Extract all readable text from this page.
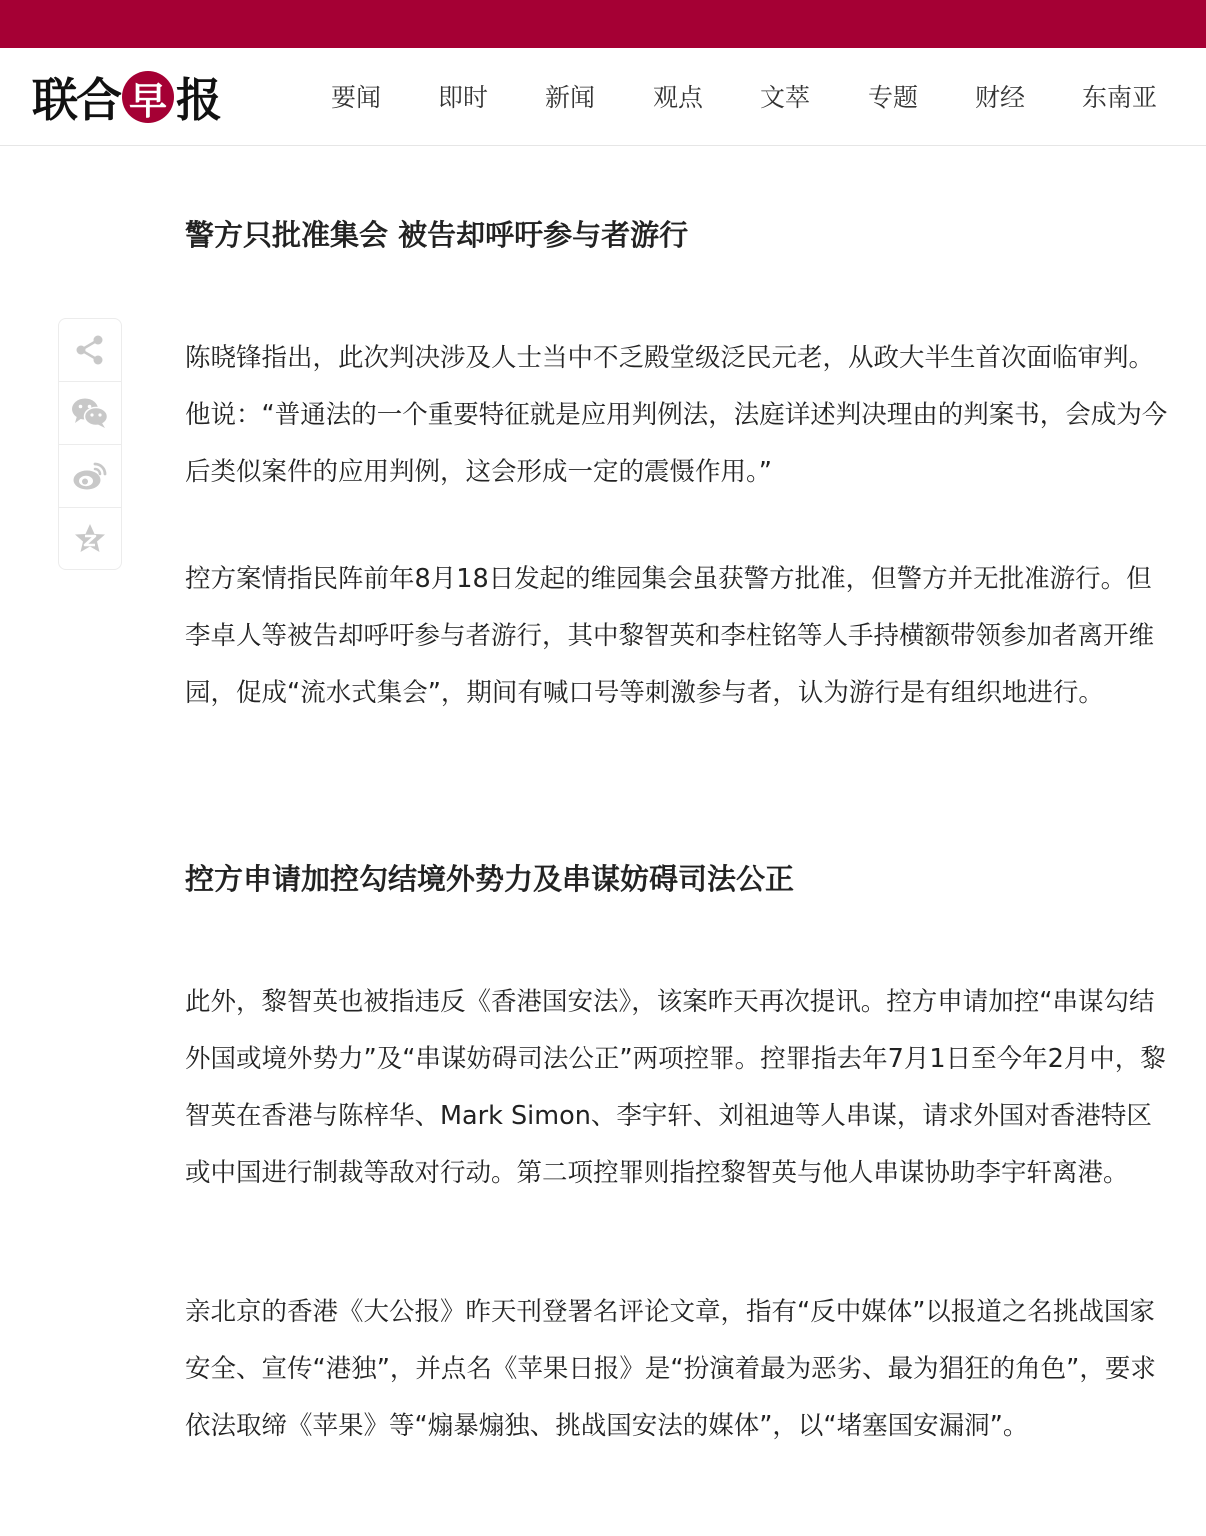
联合 早 报	要闻 即时 新闻 观点 文萃 专题 财经 东南亚
警方只批准集会 被告却呼吁参与者游行

陈晓锋指出，此次判决涉及人士当中不乏殿堂级泛民元老，从政大半生首次面临审判。他说：“普通法的一个重要特征就是应用判例法，法庭详述判决理由的判案书，会成为今后类似案件的应用判例，这会形成一定的震慑作用。”

控方案情指民阵前年8月18日发起的维园集会虽获警方批准，但警方并无批准游行。但李卓人等被告却呼吁参与者游行，其中黎智英和李柱铭等人手持横额带领参加者离开维园，促成“流水式集会”，期间有喊口号等刺激参与者，认为游行是有组织地进行。

控方申请加控勾结境外势力及串谋妨碍司法公正

此外，黎智英也被指违反《香港国安法》，该案昨天再次提讯。控方申请加控“串谋勾结外国或境外势力”及“串谋妨碍司法公正”两项控罪。控罪指去年7月1日至今年2月中，黎智英在香港与陈梓华、Mark Simon、李宇轩、刘祖迪等人串谋，请求外国对香港特区或中国进行制裁等敌对行动。第二项控罪则指控黎智英与他人串谋协助李宇轩离港。

亲北京的香港《大公报》昨天刊登署名评论文章，指有“反中媒体”以报道之名挑战国家安全、宣传“港独”，并点名《苹果日报》是“扮演着最为恶劣、最为猖狂的角色”，要求依法取缔《苹果》等“煽暴煽独、挑战国安法的媒体”，以“堵塞国安漏洞”。
